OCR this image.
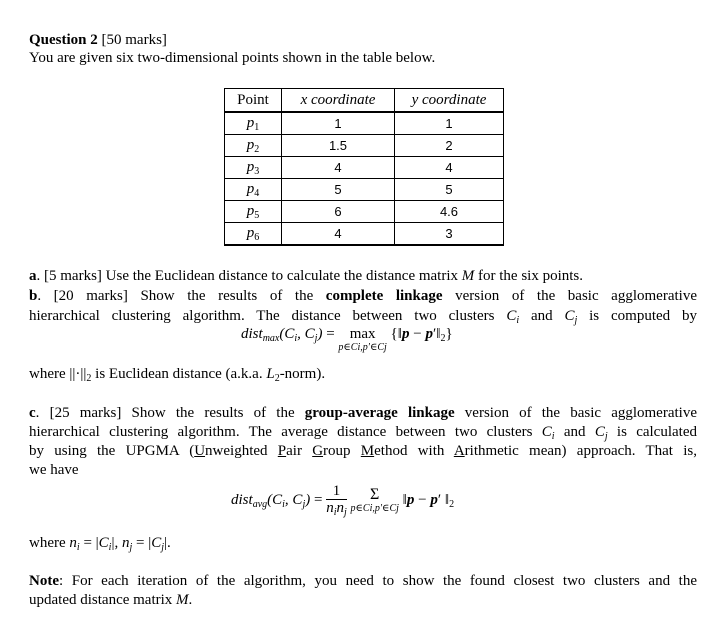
Question 2 [50 marks]
You are given six two-dimensional points shown in the table below.
Point	x coordinate	y coordinate
$p_1$	1	1
$p_2$	1.5	2
$p_3$	4	4
$p_4$	5	5
$p_5$	6	4.6
$p_6$	4	3
a. [5 marks] Use the Euclidean distance to calculate the distance matrix M for the six points.
b. [20 marks] Show the results of the complete linkage version of the basic agglomerative
hierarchical clustering algorithm. The distance between two clusters $C_i$ and $C_j$ is computed by
$dist_{max}(C_i$, $C_j) = \max$
p∈Ci,p′∈Cj
{‖p − $p'‖_2$}
where $||\cdot||_2$ is Euclidean distance (a.k.a. $L_2-norm$).
c. [25 marks] Show the results of the group-average linkage version of the basic agglomerative
hierarchical clustering algorithm. The average distance between two clusters $C_i$ and $C_j$ is calculated
by using the UPGMA (Unweighted Pair Group Method with Arithmetic mean) approach. That is,
we have
$dist_{avg}(C_i$, $C_j) = \frac{1}{n_in_j}$
	Σ
p∈Ci,p′∈Cj
‖p − p′ $‖_2$
where $n_i = |C_i|$, $n_j = |C_j|$.
Note: For each iteration of the algorithm, you need to show the found closest two clusters and the
updated distance matrix M.
